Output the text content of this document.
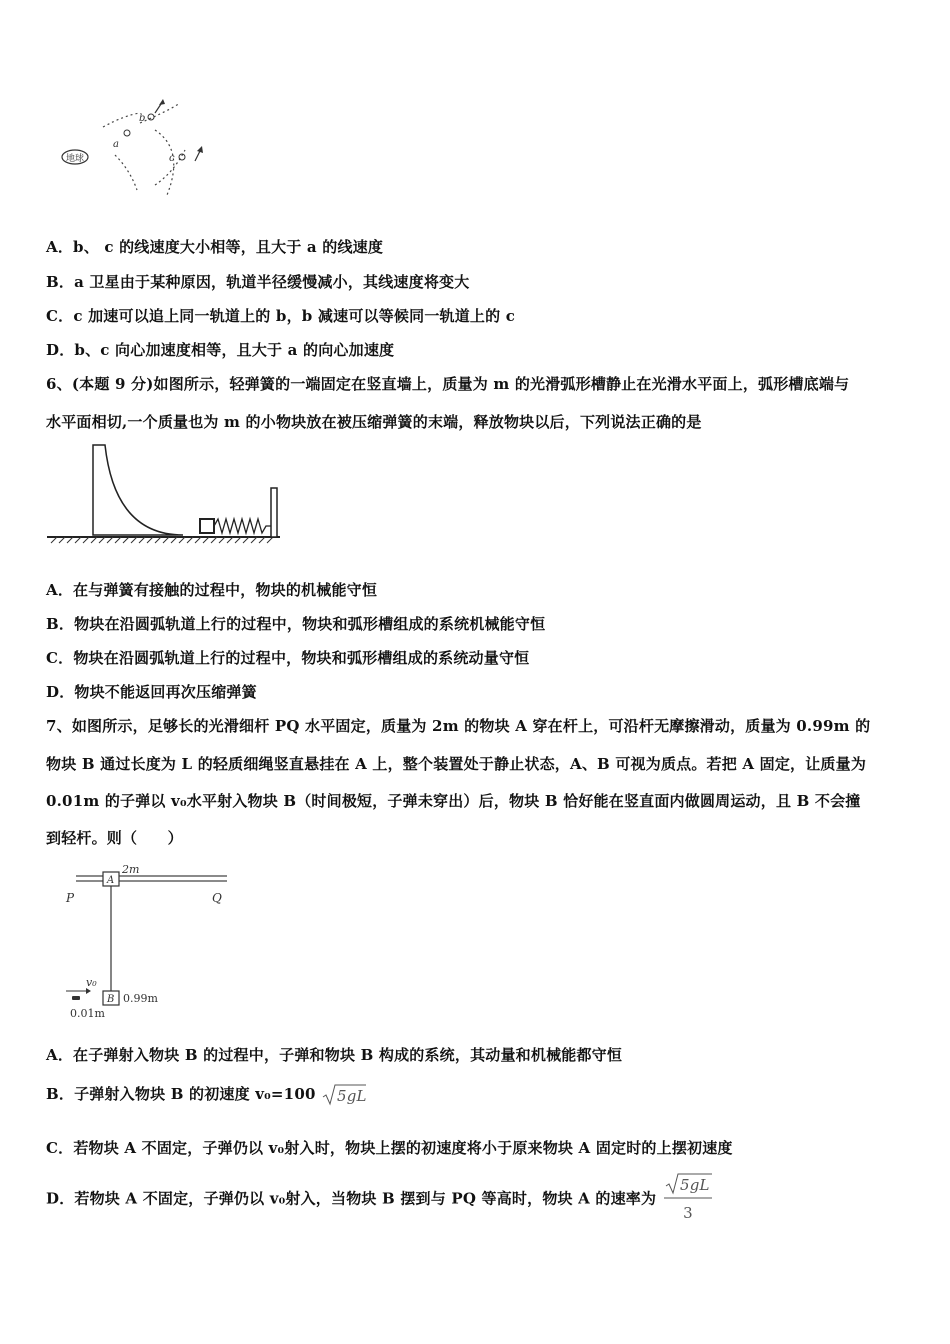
地球
a
b
c
A．b、 c 的线速度大小相等，且大于 a 的线速度
B．a 卫星由于某种原因，轨道半径缓慢减小，其线速度将变大
C．c 加速可以追上同一轨道上的 b，b 减速可以等候同一轨道上的 c
D．b、c 向心加速度相等，且大于 a 的向心加速度
6、(本题 9 分)如图所示，轻弹簧的一端固定在竖直墙上，质量为 m 的光滑弧形槽静止在光滑水平面上，弧形槽底端与
水平面相切,一个质量也为 m 的小物块放在被压缩弹簧的末端，释放物块以后，下列说法正确的是
A．在与弹簧有接触的过程中，物块的机械能守恒
B．物块在沿圆弧轨道上行的过程中，物块和弧形槽组成的系统机械能守恒
C．物块在沿圆弧轨道上行的过程中，物块和弧形槽组成的系统动量守恒
D．物块不能返回再次压缩弹簧
7、如图所示，足够长的光滑细杆 PQ 水平固定，质量为 2m 的物块 A 穿在杆上，可沿杆无摩擦滑动，质量为 0.99m 的
物块 B 通过长度为 L 的轻质细绳竖直悬挂在 A 上，整个装置处于静止状态，A、B 可视为质点。若把 A 固定，让质量为
0.01m 的子弹以 v₀水平射入物块 B（时间极短，子弹未穿出）后，物块 B 恰好能在竖直面内做圆周运动，且 B 不会撞
到轻杆。则（　　）
A
2m
P	Q
B 0.99m
v₀
0.01m
A．在子弹射入物块 B 的过程中，子弹和物块 B 构成的系统，其动量和机械能都守恒
B．子弹射入物块 B 的初速度 v₀=100 5gL
C．若物块 A 不固定，子弹仍以 v₀射入时，物块上摆的初速度将小于原来物块 A 固定时的上摆初速度
D．若物块 A 不固定，子弹仍以 v₀射入，当物块 B 摆到与 PQ 等高时，物块 A 的速率为
5gL
3
